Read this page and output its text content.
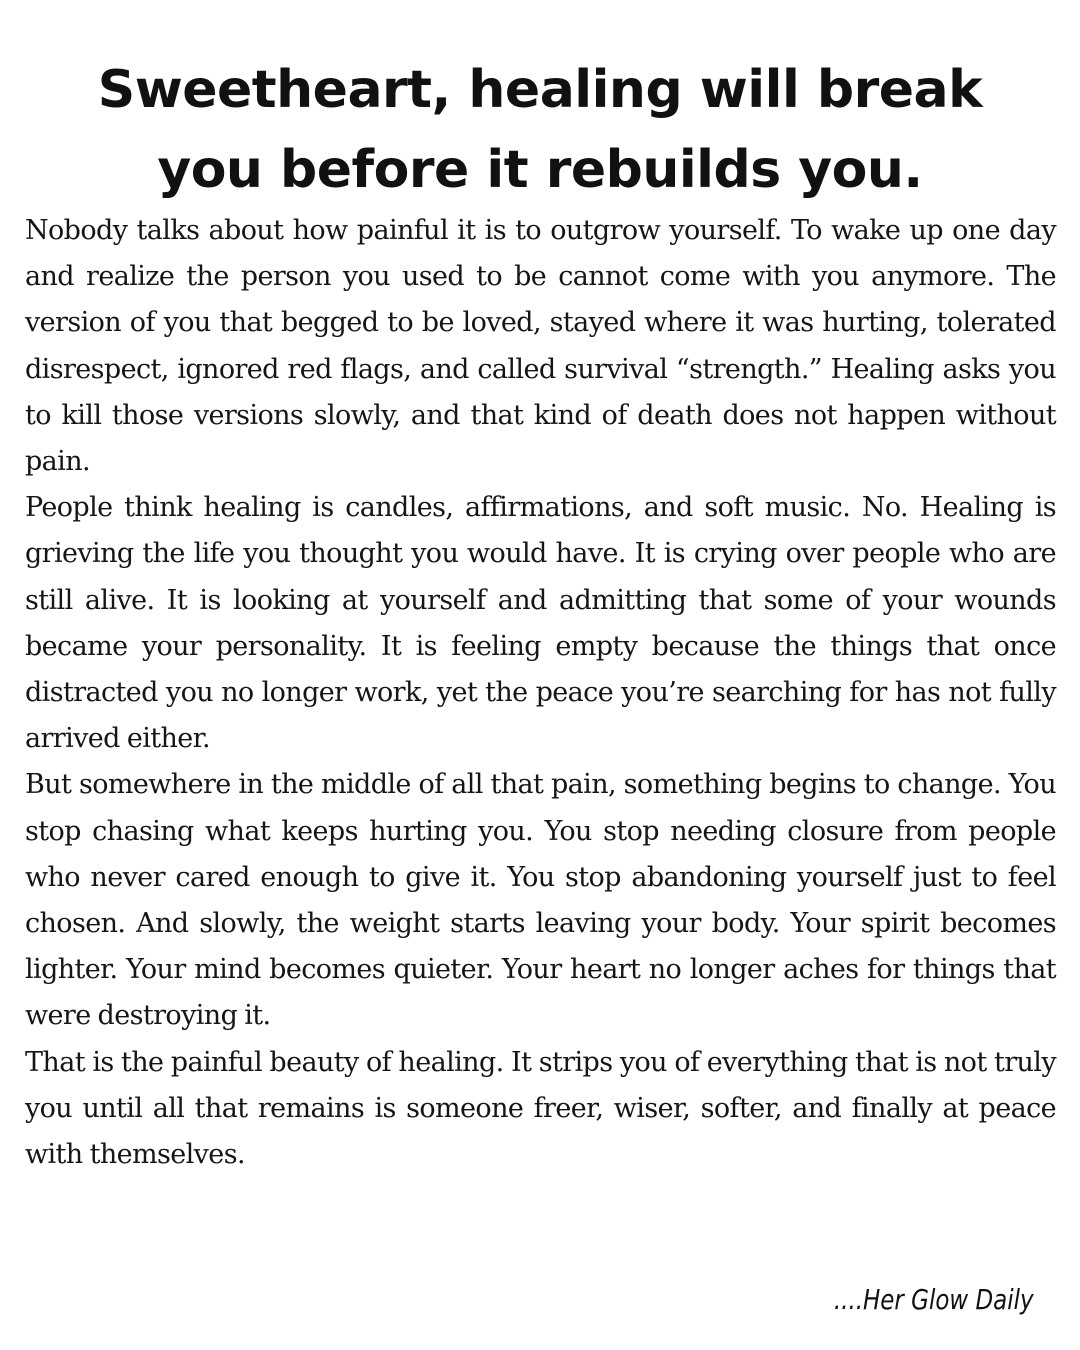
Sweetheart, healing will break you before it rebuilds you.

Nobody talks about how painful it is to outgrow yourself. To wake up one day and realize the person you used to be cannot come with you anymore. The version of you that begged to be loved, stayed where it was hurting, tolerated disrespect, ignored red flags, and called survival “strength.” Healing asks you to kill those versions slowly, and that kind of death does not happen without pain.

People think healing is candles, affirmations, and soft music. No. Healing is grieving the life you thought you would have. It is crying over people who are still alive. It is looking at yourself and admitting that some of your wounds became your personality. It is feeling empty because the things that once distracted you no longer work, yet the peace you’re searching for has not fully arrived either.

But somewhere in the middle of all that pain, something begins to change. You stop chasing what keeps hurting you. You stop needing closure from people who never cared enough to give it. You stop abandoning yourself just to feel chosen. And slowly, the weight starts leaving your body. Your spirit becomes lighter. Your mind becomes quieter. Your heart no longer aches for things that were destroying it.

That is the painful beauty of healing. It strips you of everything that is not truly you until all that remains is someone freer, wiser, softer, and finally at peace with themselves.

....Her Glow Daily
